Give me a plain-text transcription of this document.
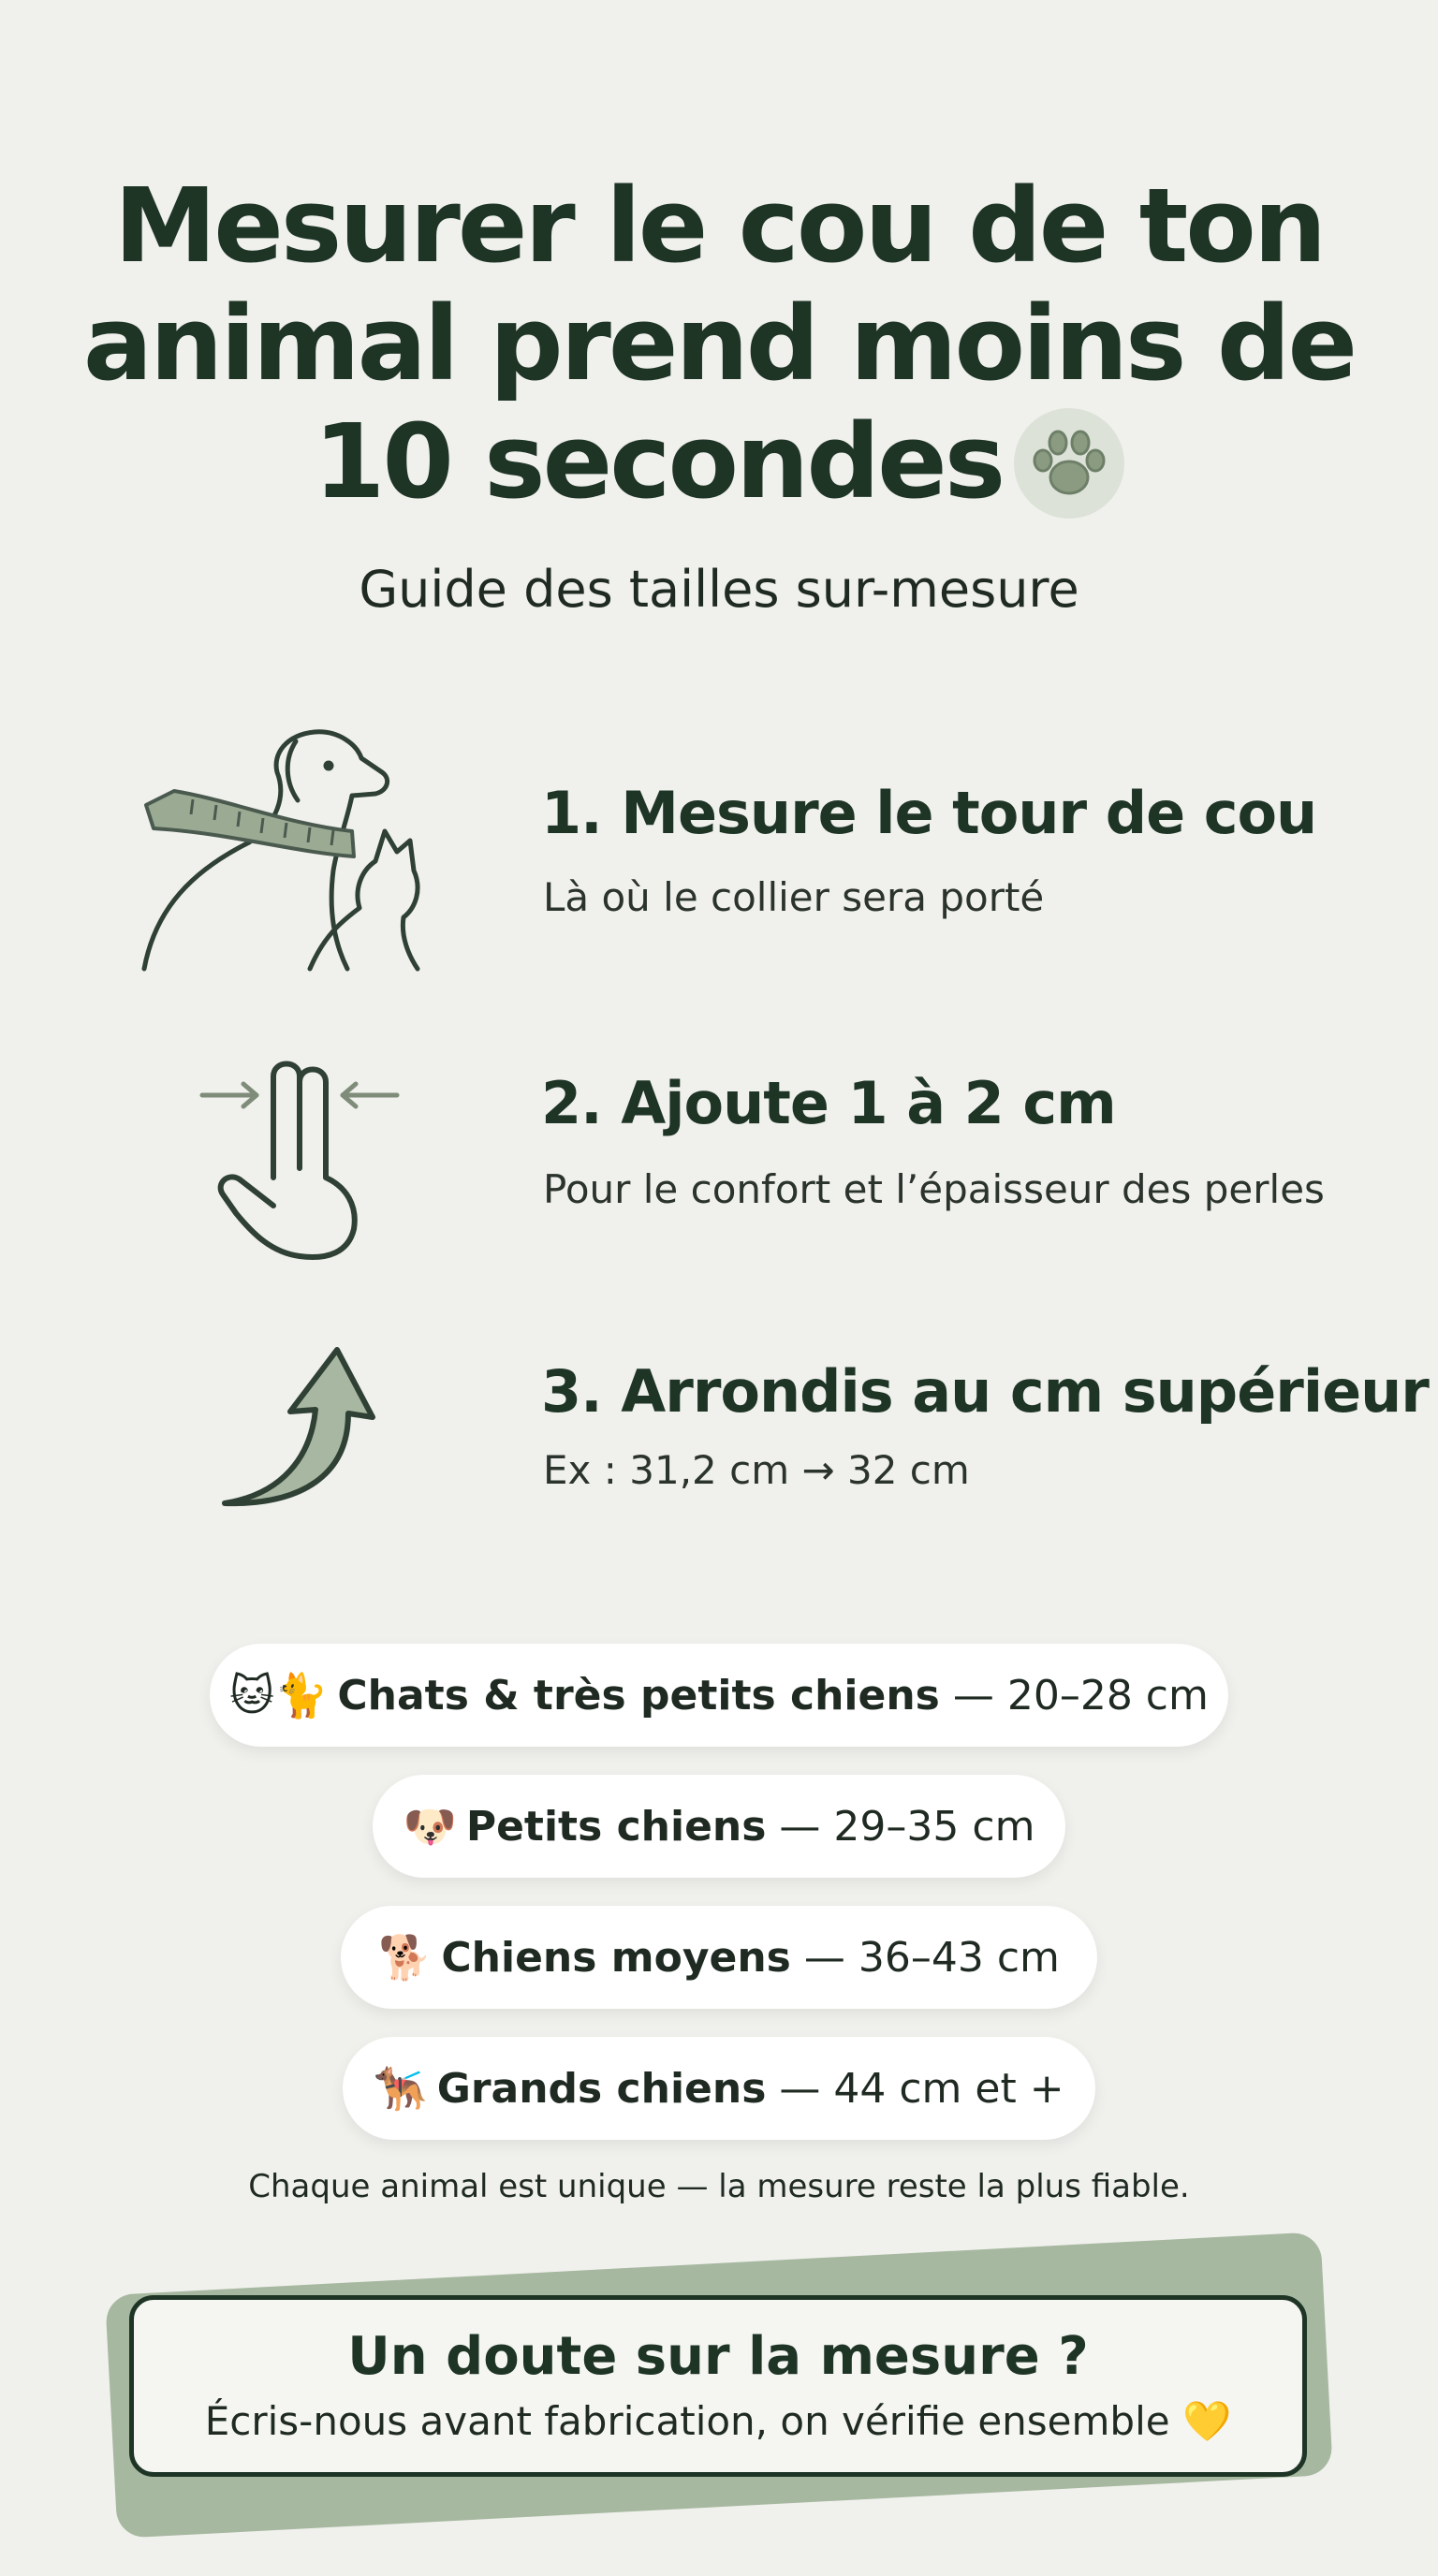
Mesurer le cou de ton
animal prend moins de
10 secondes

Guide des tailles sur-mesure

1. Mesure le tour de cou

Là où le collier sera porté

2. Ajoute 1 à 2 cm

Pour le confort et l’épaisseur des perles

3. Arrondis au cm supérieur

Ex : 31,2 cm → 32 cm

🐱🐈 Chats & très petits chiens — 20–28 cm
🐶 Petits chiens — 29–35 cm
🐕 Chiens moyens — 36–43 cm
🐕‍🦺 Grands chiens — 44 cm et +

Chaque animal est unique — la mesure reste la plus fiable.

Un doute sur la mesure ?

Écris-nous avant fabrication, on vérifie ensemble 💛
